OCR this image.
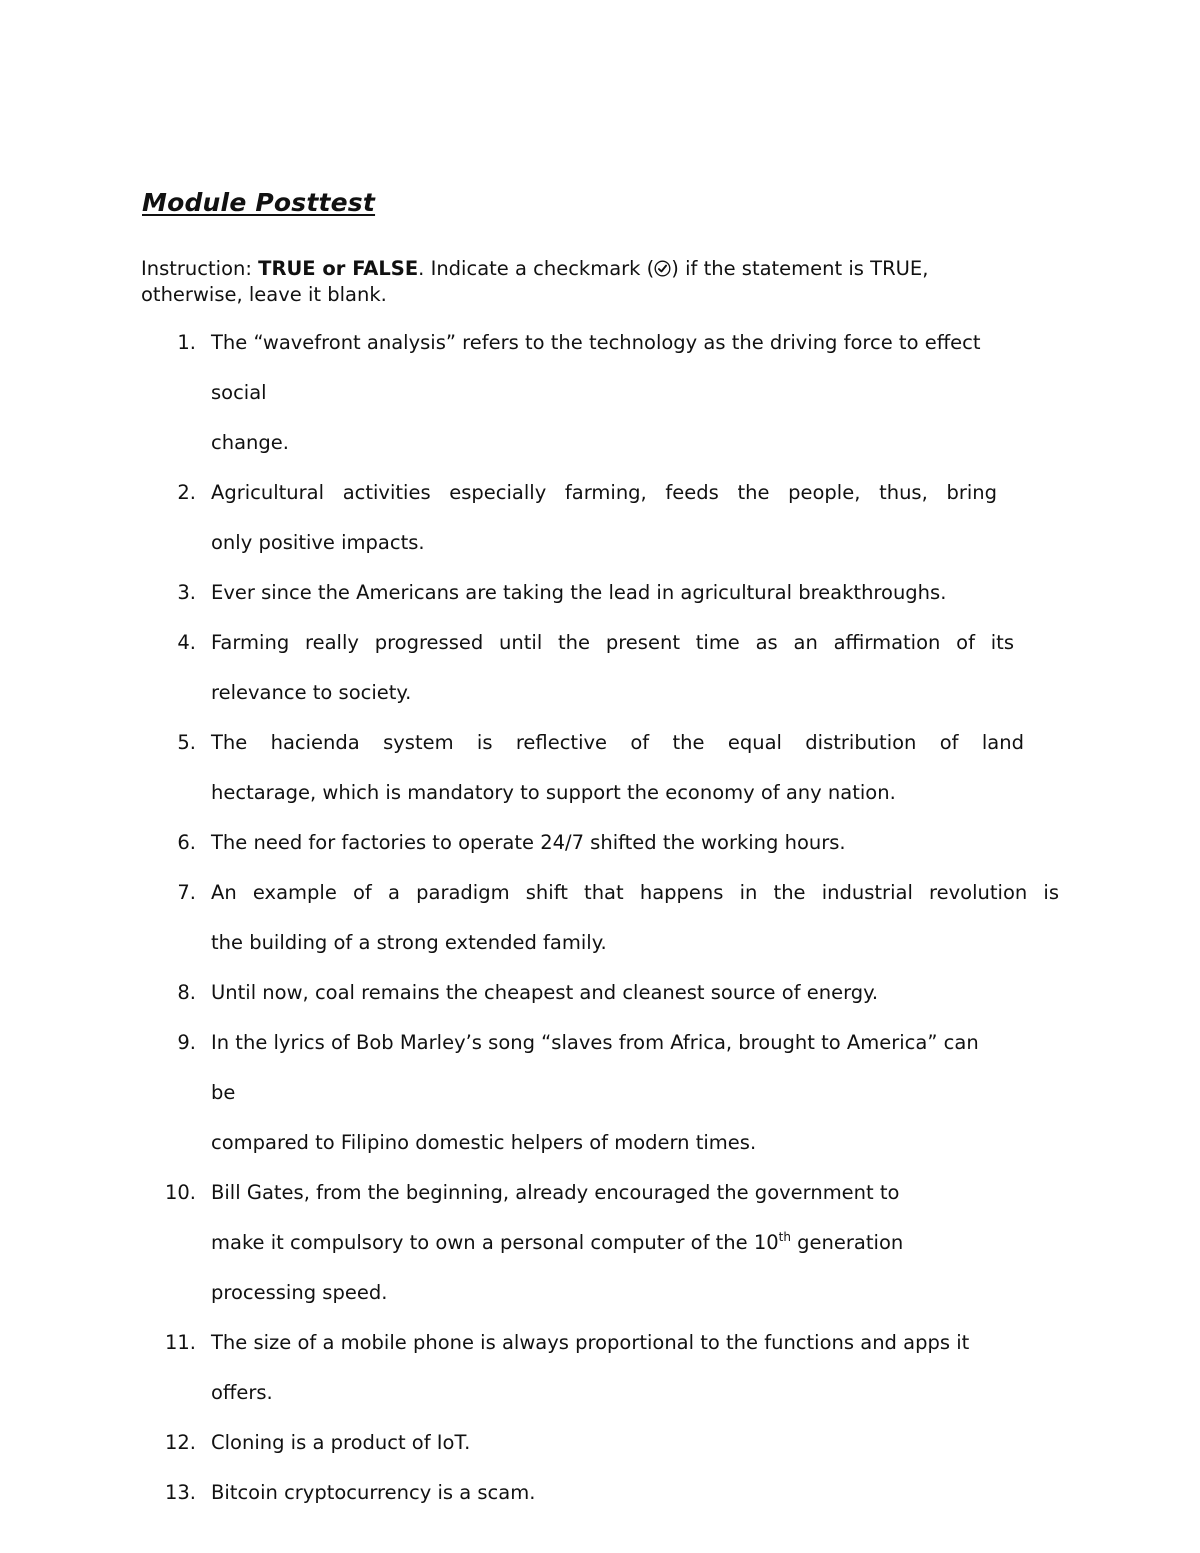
Module Posttest
Instruction: TRUE or FALSE. Indicate a checkmark ( ) if the statement is TRUE,
otherwise, leave it blank.
1. The “wavefront analysis” refers to the technology as the driving force to effect
social
change.
2. Agricultural activities especially farming, feeds the people, thus, bring
only positive impacts.
3. Ever since the Americans are taking the lead in agricultural breakthroughs.
4. Farming really progressed until the present time as an affirmation of its
relevance to society.
5. The hacienda system is reflective of the equal distribution of land
hectarage, which is mandatory to support the economy of any nation.
6. The need for factories to operate 24/7 shifted the working hours.
7. An example of a paradigm shift that happens in the industrial revolution is
the building of a strong extended family.
8. Until now, coal remains the cheapest and cleanest source of energy.
9. In the lyrics of Bob Marley’s song “slaves from Africa, brought to America” can
be
compared to Filipino domestic helpers of modern times.
10. Bill Gates, from the beginning, already encouraged the government to
make it compulsory to own a personal computer of the 10th generation
processing speed.
11. The size of a mobile phone is always proportional to the functions and apps it
offers.
12. Cloning is a product of IoT.
13. Bitcoin cryptocurrency is a scam.
